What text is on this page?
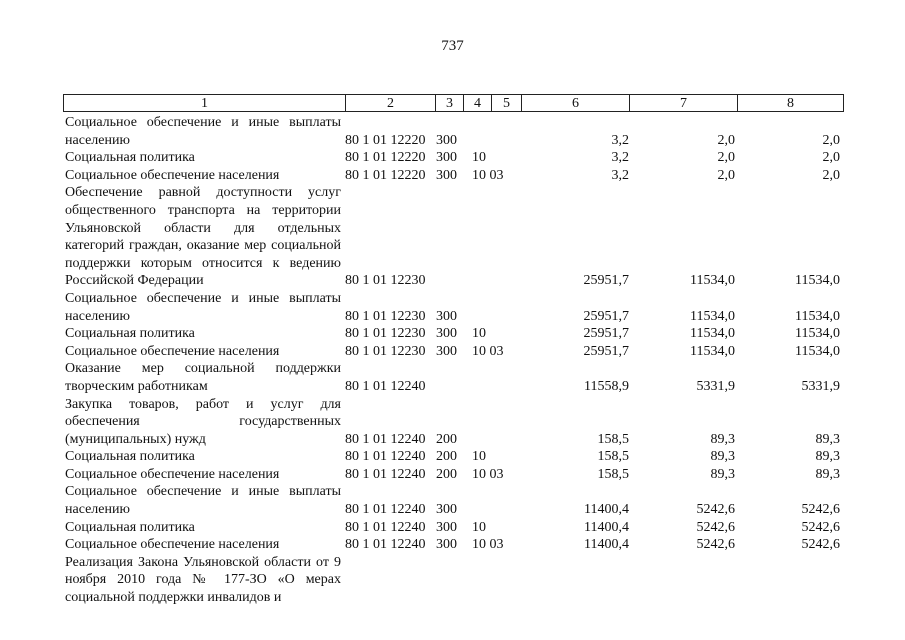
737
1	2	3	4	5	6	7	8
Социальное обеспечение и иные выплаты населению	80 1 01 12220 300	3,2	2,0	2,0
Социальная политика	80 1 01 12220 300 10	3,2	2,0	2,0
Социальное обеспечение населения	80 1 01 12220 300 10 03	3,2	2,0	2,0
Обеспечение равной доступности услуг общественного транспорта на территории Ульяновской области для отдельных категорий граждан, оказание мер социальной поддержки которым относится к ведению Российской Федерации	80 1 01 12230	25951,7	11534,0	11534,0
Социальное обеспечение и иные выплаты населению	80 1 01 12230 300	25951,7	11534,0	11534,0
Социальная политика	80 1 01 12230 300 10	25951,7	11534,0	11534,0
Социальное обеспечение населения	80 1 01 12230 300 10 03	25951,7	11534,0	11534,0
Оказание мер социальной поддержки творческим работникам	80 1 01 12240	11558,9	5331,9	5331,9
Закупка товаров, работ и услуг для обеспечения государственных (муниципальных) нужд	80 1 01 12240 200	158,5	89,3	89,3
Социальная политика	80 1 01 12240 200 10	158,5	89,3	89,3
Социальное обеспечение населения	80 1 01 12240 200 10 03	158,5	89,3	89,3
Социальное обеспечение и иные выплаты населению	80 1 01 12240 300	11400,4	5242,6	5242,6
Социальная политика	80 1 01 12240 300 10	11400,4	5242,6	5242,6
Социальное обеспечение населения	80 1 01 12240 300 10 03	11400,4	5242,6	5242,6
Реализация Закона Ульяновской области от 9 ноября 2010 года № 177-ЗО «О мерах социальной поддержки инвалидов и
